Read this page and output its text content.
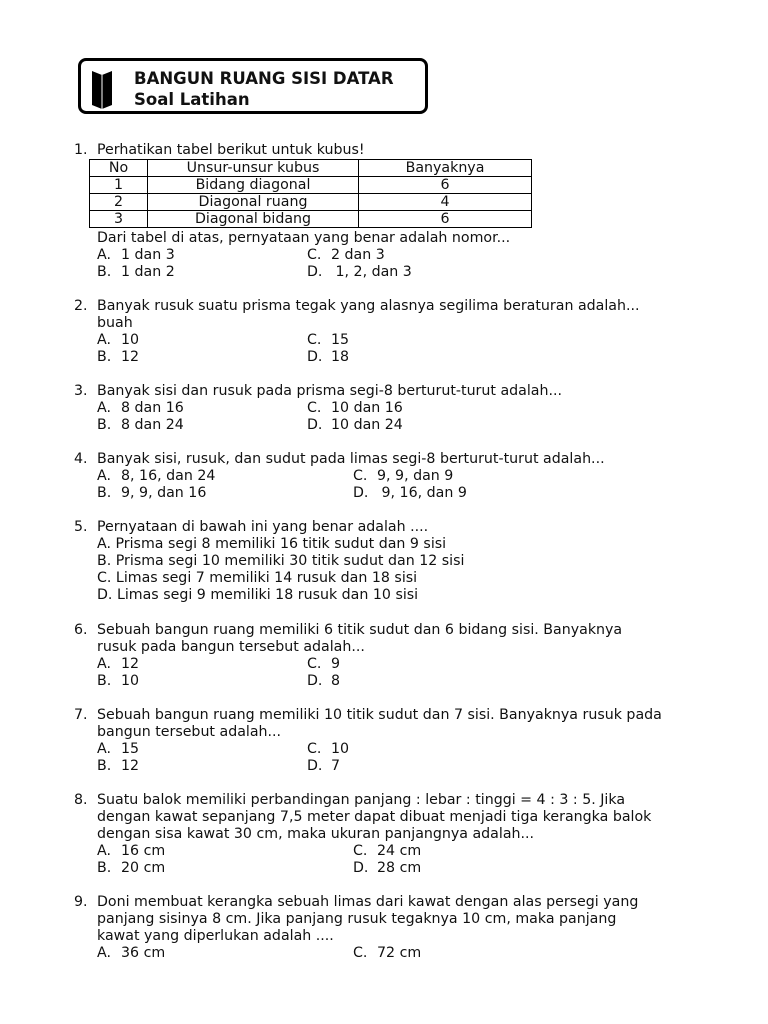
BANGUN RUANG SISI DATAR
Soal Latihan
1. Perhatikan tabel berikut untuk kubus!
No	Unsur-unsur kubus	Banyaknya
1	Bidang diagonal	6
2	Diagonal ruang	4
3	Diagonal bidang	6
Dari tabel di atas, pernyataan yang benar adalah nomor...
A. 1 dan 3	C. 2 dan 3
B. 1 dan 2	D. 1, 2, dan 3
2. Banyak rusuk suatu prisma tegak yang alasnya segilima beraturan adalah...
buah
A. 10	C. 15
B. 12	D. 18
3. Banyak sisi dan rusuk pada prisma segi-8 berturut-turut adalah...
A. 8 dan 16	C. 10 dan 16
B. 8 dan 24	D. 10 dan 24
4. Banyak sisi, rusuk, dan sudut pada limas segi-8 berturut-turut adalah...
A. 8, 16, dan 24	C. 9, 9, dan 9
B. 9, 9, dan 16	D. 9, 16, dan 9
5. Pernyataan di bawah ini yang benar adalah ....
A. Prisma segi 8 memiliki 16 titik sudut dan 9 sisi
B. Prisma segi 10 memiliki 30 titik sudut dan 12 sisi
C. Limas segi 7 memiliki 14 rusuk dan 18 sisi
D. Limas segi 9 memiliki 18 rusuk dan 10 sisi
6. Sebuah bangun ruang memiliki 6 titik sudut dan 6 bidang sisi. Banyaknya
rusuk pada bangun tersebut adalah...
A. 12	C. 9
B. 10	D. 8
7. Sebuah bangun ruang memiliki 10 titik sudut dan 7 sisi. Banyaknya rusuk pada
bangun tersebut adalah...
A. 15	C. 10
B. 12	D. 7
8. Suatu balok memiliki perbandingan panjang : lebar : tinggi = 4 : 3 : 5. Jika
dengan kawat sepanjang 7,5 meter dapat dibuat menjadi tiga kerangka balok
dengan sisa kawat 30 cm, maka ukuran panjangnya adalah...
A. 16 cm	C. 24 cm
B. 20 cm	D. 28 cm
9. Doni membuat kerangka sebuah limas dari kawat dengan alas persegi yang
panjang sisinya 8 cm. Jika panjang rusuk tegaknya 10 cm, maka panjang
kawat yang diperlukan adalah ....
A. 36 cm	C. 72 cm
